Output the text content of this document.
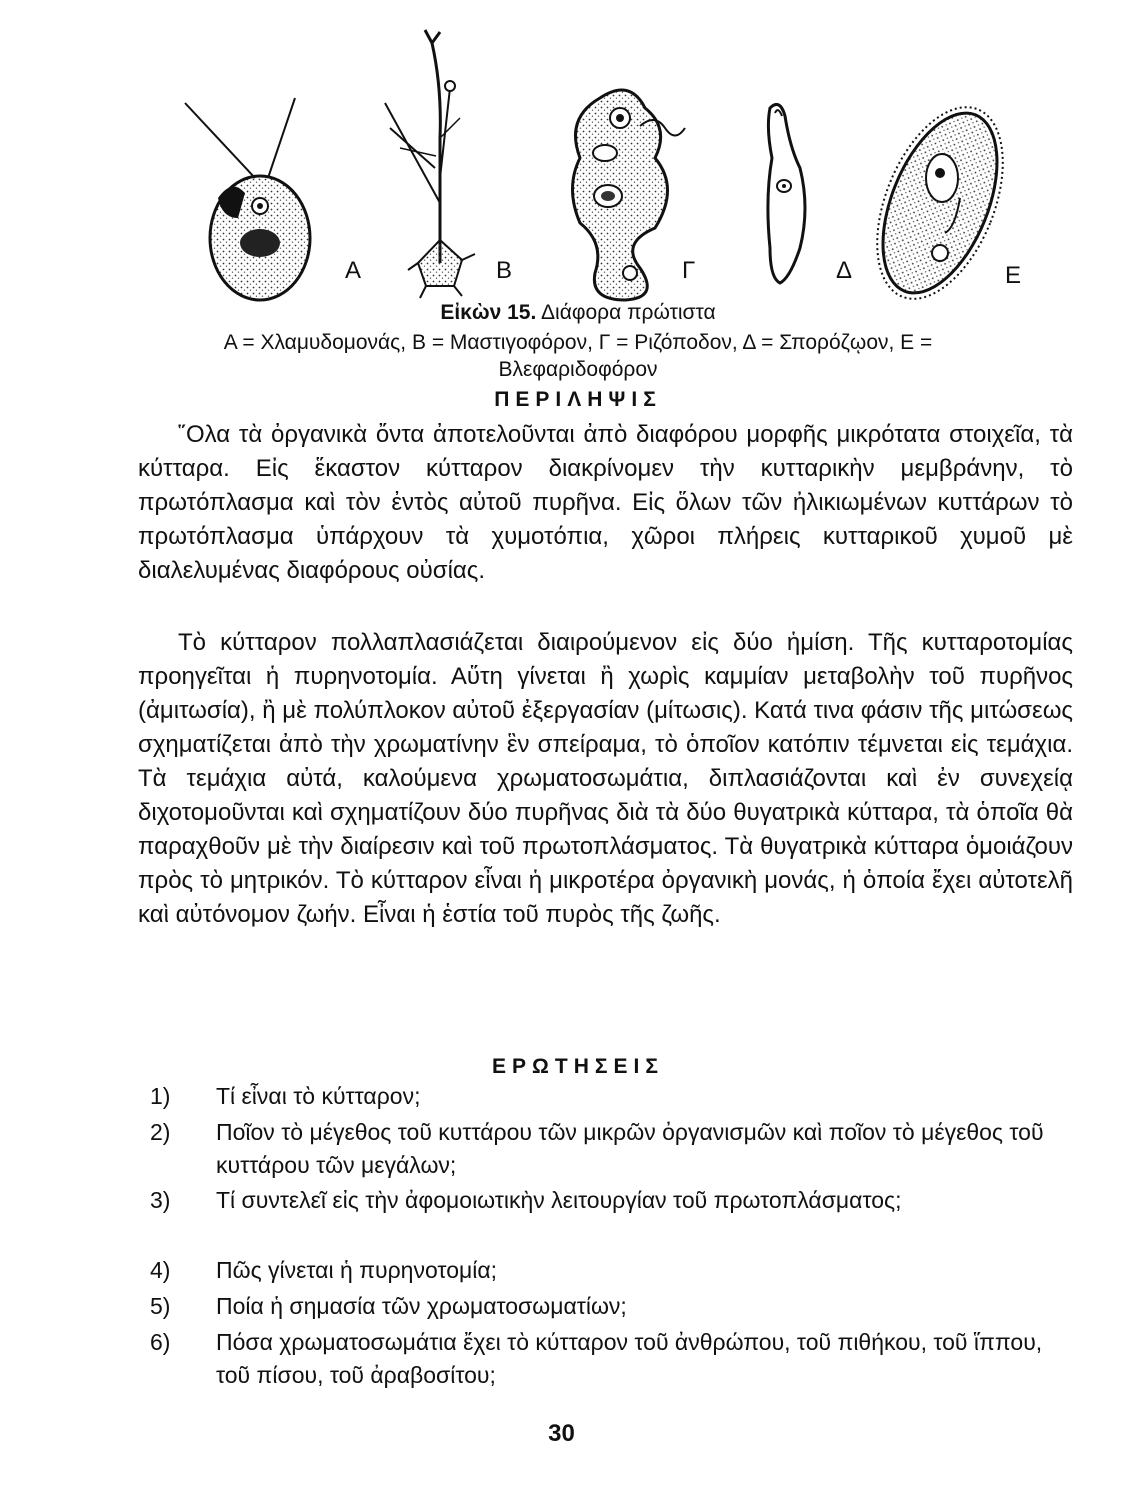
Α	Β	Γ	Δ	Ε
Εἰκὼν 15. Διάφορα πρώτιστα
Α = Χλαμυδομονάς, Β = Μαστιγοφόρον, Γ = Ριζόποδον, Δ = Σπορόζῳον, Ε =
Βλεφαριδοφόρον
ΠΕΡΙΛΗΨΙΣ

῞Ολα τὰ ὀργανικὰ ὄντα ἀποτελοῦνται ἀπὸ διαφόρου μορφῆς μικρότατα στοιχεῖα, τὰ κύτταρα. Εἰς ἕκαστον κύτταρον διακρίνομεν τὴν κυτταρικὴν μεμβράνην, τὸ πρωτόπλασμα καὶ τὸν ἐντὸς αὐτοῦ πυρῆνα. Εἰς ὅλων τῶν ἠλικιωμένων κυττάρων τὸ πρωτόπλασμα ὑπάρχουν τὰ χυμοτόπια, χῶροι πλήρεις κυτταρικοῦ χυμοῦ μὲ διαλελυμένας διαφόρους οὐσίας.

Τὸ κύτταρον πολλαπλασιάζεται διαιρούμενον εἰς δύο ἡμίση. Τῆς κυτταροτομίας προηγεῖται ἡ πυρηνοτομία. Αὕτη γίνεται ἢ χωρὶς καμμίαν μεταβολὴν τοῦ πυρῆνος (ἀμιτωσία), ἢ μὲ πολύπλοκον αὐτοῦ ἐξεργασίαν (μίτωσις). Κατά τινα φάσιν τῆς μιτώσεως σχηματίζεται ἀπὸ τὴν χρωματίνην ἓν σπείραμα, τὸ ὁποῖον κατόπιν τέμνεται εἰς τεμάχια. Τὰ τεμάχια αὐτά, καλούμενα χρωματοσωμάτια, διπλασιάζονται καὶ ἐν συνεχείᾳ διχοτομοῦνται καὶ σχηματίζουν δύο πυρῆνας διὰ τὰ δύο θυγατρικὰ κύτταρα, τὰ ὁποῖα θὰ παραχθοῦν μὲ τὴν διαίρεσιν καὶ τοῦ πρωτοπλάσματος. Τὰ θυγατρικὰ κύτταρα ὁμοιάζουν πρὸς τὸ μητρικόν. Τὸ κύτταρον εἶναι ἡ μικροτέρα ὀργανικὴ μονάς, ἡ ὁποία ἔχει αὐτοτελῆ καὶ αὐτόνομον ζωήν. Εἶναι ἡ ἑστία τοῦ πυρὸς τῆς ζωῆς.

ΕΡΩΤΗΣΕΙΣ
1)	Τί εἶναι τὸ κύτταρον;
2)	Ποῖον τὸ μέγεθος τοῦ κυττάρου τῶν μικρῶν ὀργανισμῶν καὶ ποῖον τὸ μέγεθος τοῦ κυττάρου τῶν μεγάλων;
3)	Τί συντελεῖ εἰς τὴν ἀφομοιωτικὴν λειτουργίαν τοῦ πρωτοπλάσματος;
4)	Πῶς γίνεται ἡ πυρηνοτομία;
5)	Ποία ἡ σημασία τῶν χρωματοσωματίων;
6)	Πόσα χρωματοσωμάτια ἔχει τὸ κύτταρον τοῦ ἀνθρώπου, τοῦ πιθήκου, τοῦ ἵππου, τοῦ πίσου, τοῦ ἀραβοσίτου;
30
